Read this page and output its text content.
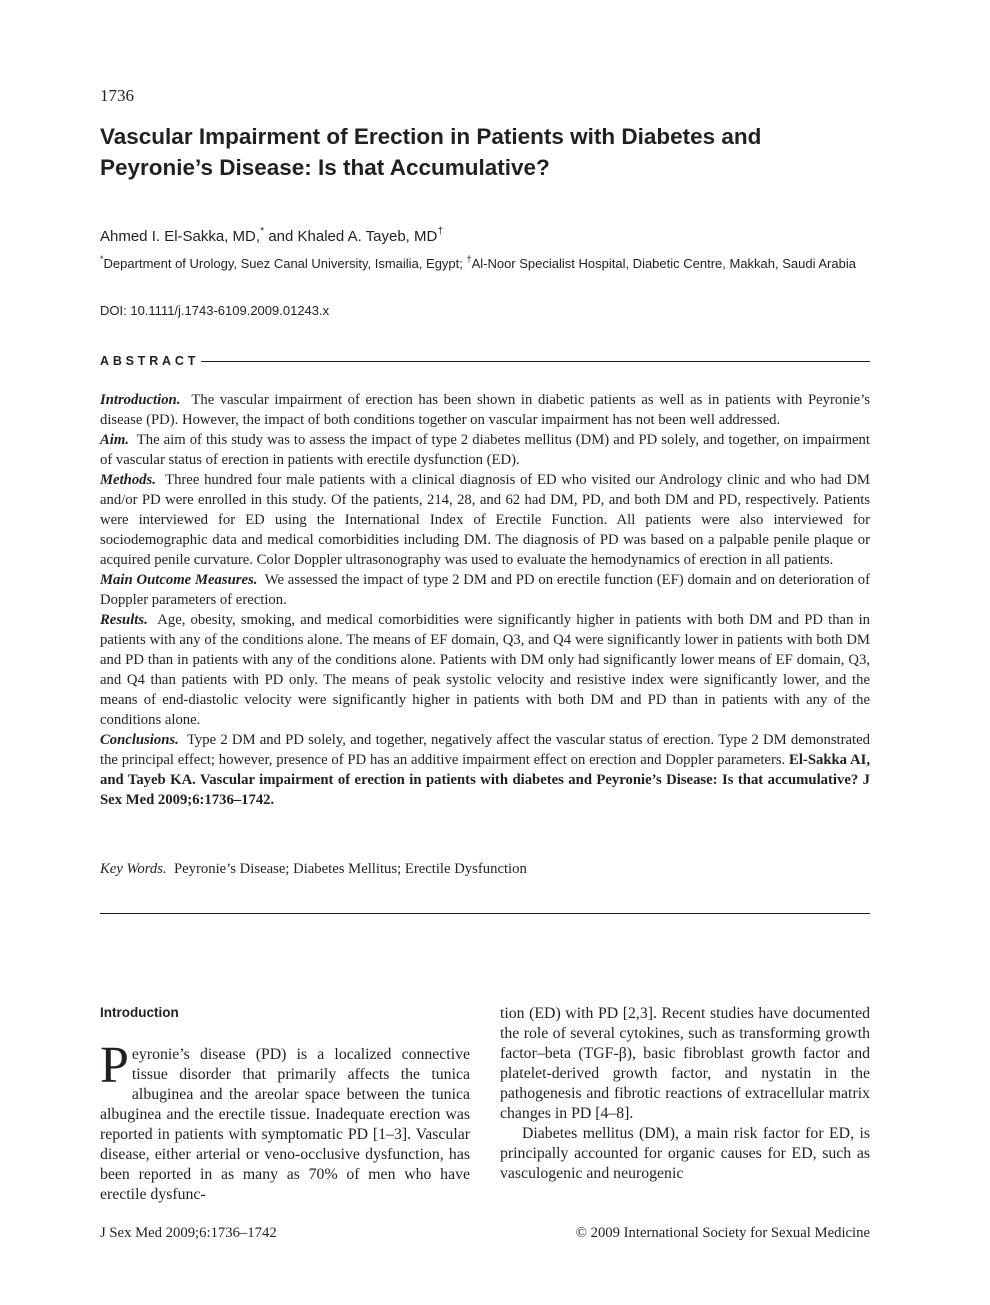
1736
Vascular Impairment of Erection in Patients with Diabetes and
Peyronie’s Disease: Is that Accumulative?
Ahmed I. El-Sakka, MD,* and Khaled A. Tayeb, MD†
*Department of Urology, Suez Canal University, Ismailia, Egypt; †Al-Noor Specialist Hospital, Diabetic Centre, Makkah, Saudi Arabia
DOI: 10.1111/j.1743-6109.2009.01243.x
ABSTRACT

Introduction. The vascular impairment of erection has been shown in diabetic patients as well as in patients with Peyronie’s disease (PD). However, the impact of both conditions together on vascular impairment has not been well addressed.

Aim. The aim of this study was to assess the impact of type 2 diabetes mellitus (DM) and PD solely, and together, on impairment of vascular status of erection in patients with erectile dysfunction (ED).

Methods. Three hundred four male patients with a clinical diagnosis of ED who visited our Andrology clinic and who had DM and/or PD were enrolled in this study. Of the patients, 214, 28, and 62 had DM, PD, and both DM and PD, respectively. Patients were interviewed for ED using the International Index of Erectile Function. All patients were also interviewed for sociodemographic data and medical comorbidities including DM. The diagnosis of PD was based on a palpable penile plaque or acquired penile curvature. Color Doppler ultrasonography was used to evaluate the hemodynamics of erection in all patients.

Main Outcome Measures. We assessed the impact of type 2 DM and PD on erectile function (EF) domain and on deterioration of Doppler parameters of erection.

Results. Age, obesity, smoking, and medical comorbidities were significantly higher in patients with both DM and PD than in patients with any of the conditions alone. The means of EF domain, Q3, and Q4 were significantly lower in patients with both DM and PD than in patients with any of the conditions alone. Patients with DM only had significantly lower means of EF domain, Q3, and Q4 than patients with PD only. The means of peak systolic velocity and resistive index were significantly lower, and the means of end-diastolic velocity were significantly higher in patients with both DM and PD than in patients with any of the conditions alone.

Conclusions. Type 2 DM and PD solely, and together, negatively affect the vascular status of erection. Type 2 DM demonstrated the principal effect; however, presence of PD has an additive impairment effect on erection and Doppler parameters. El-Sakka AI, and Tayeb KA. Vascular impairment of erection in patients with diabetes and Peyronie’s Disease: Is that accumulative? J Sex Med 2009;6:1736–1742.

Key Words. Peyronie’s Disease; Diabetes Mellitus; Erectile Dysfunction
Introduction

Peyronie’s disease (PD) is a localized connective tissue disorder that primarily affects the tunica albuginea and the areolar space between the tunica albuginea and the erectile tissue. Inadequate erection was reported in patients with symptomatic PD [1–3]. Vascular disease, either arterial or veno-occlusive dysfunction, has been reported in as many as 70% of men who have erectile dysfunc-

tion (ED) with PD [2,3]. Recent studies have documented the role of several cytokines, such as transforming growth factor–beta (TGF-β), basic fibroblast growth factor and platelet-derived growth factor, and nystatin in the pathogenesis and fibrotic reactions of extracellular matrix changes in PD [4–8].

Diabetes mellitus (DM), a main risk factor for ED, is principally accounted for organic causes for ED, such as vasculogenic and neurogenic

J Sex Med 2009;6:1736–1742	© 2009 International Society for Sexual Medicine
